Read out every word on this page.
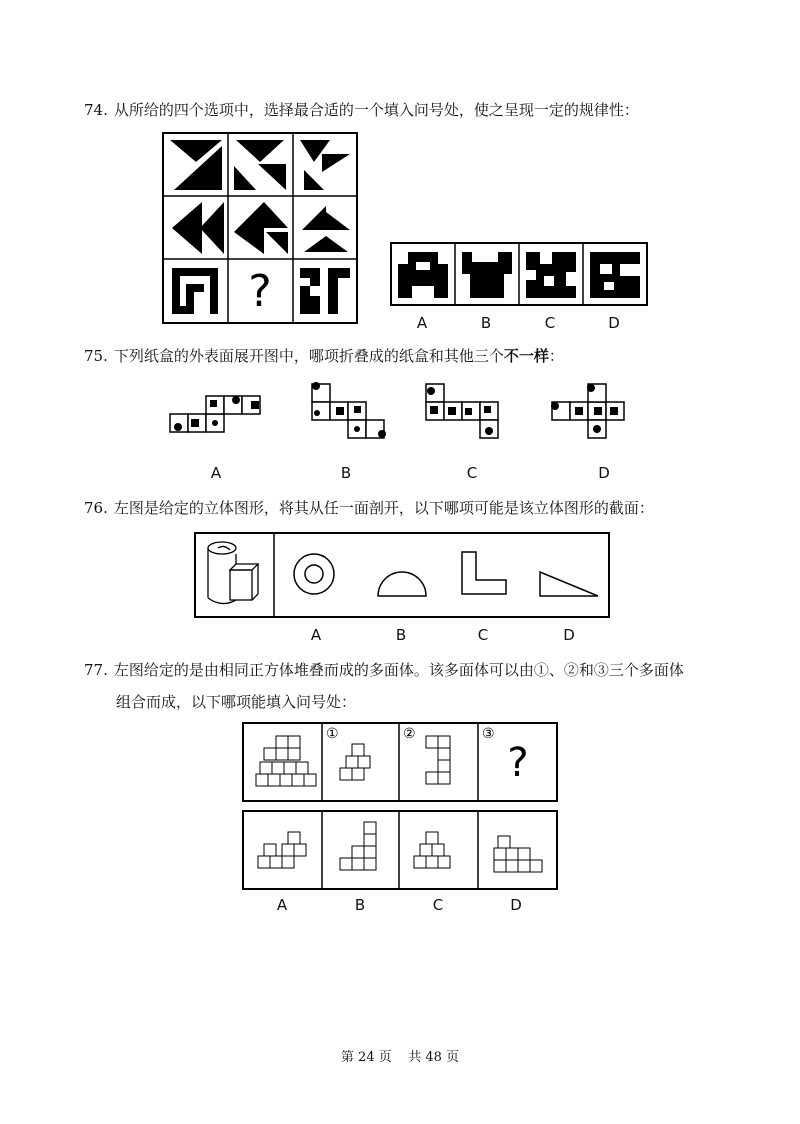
74. 从所给的四个选项中，选择最合适的一个填入问号处，使之呈现一定的规律性：
?
A	B	C	D
75. 下列纸盒的外表面展开图中，哪项折叠成的纸盒和其他三个不一样：
A	B	C	D
76. 左图是给定的立体图形，将其从任一面剖开，以下哪项可能是该立体图形的截面：
A	B	C	D
77. 左图给定的是由相同正方体堆叠而成的多面体。该多面体可以由①、②和③三个多面体
组合而成，以下哪项能填入问号处：
①	②	③
?
A	B	C	D
第 24 页    共 48 页
